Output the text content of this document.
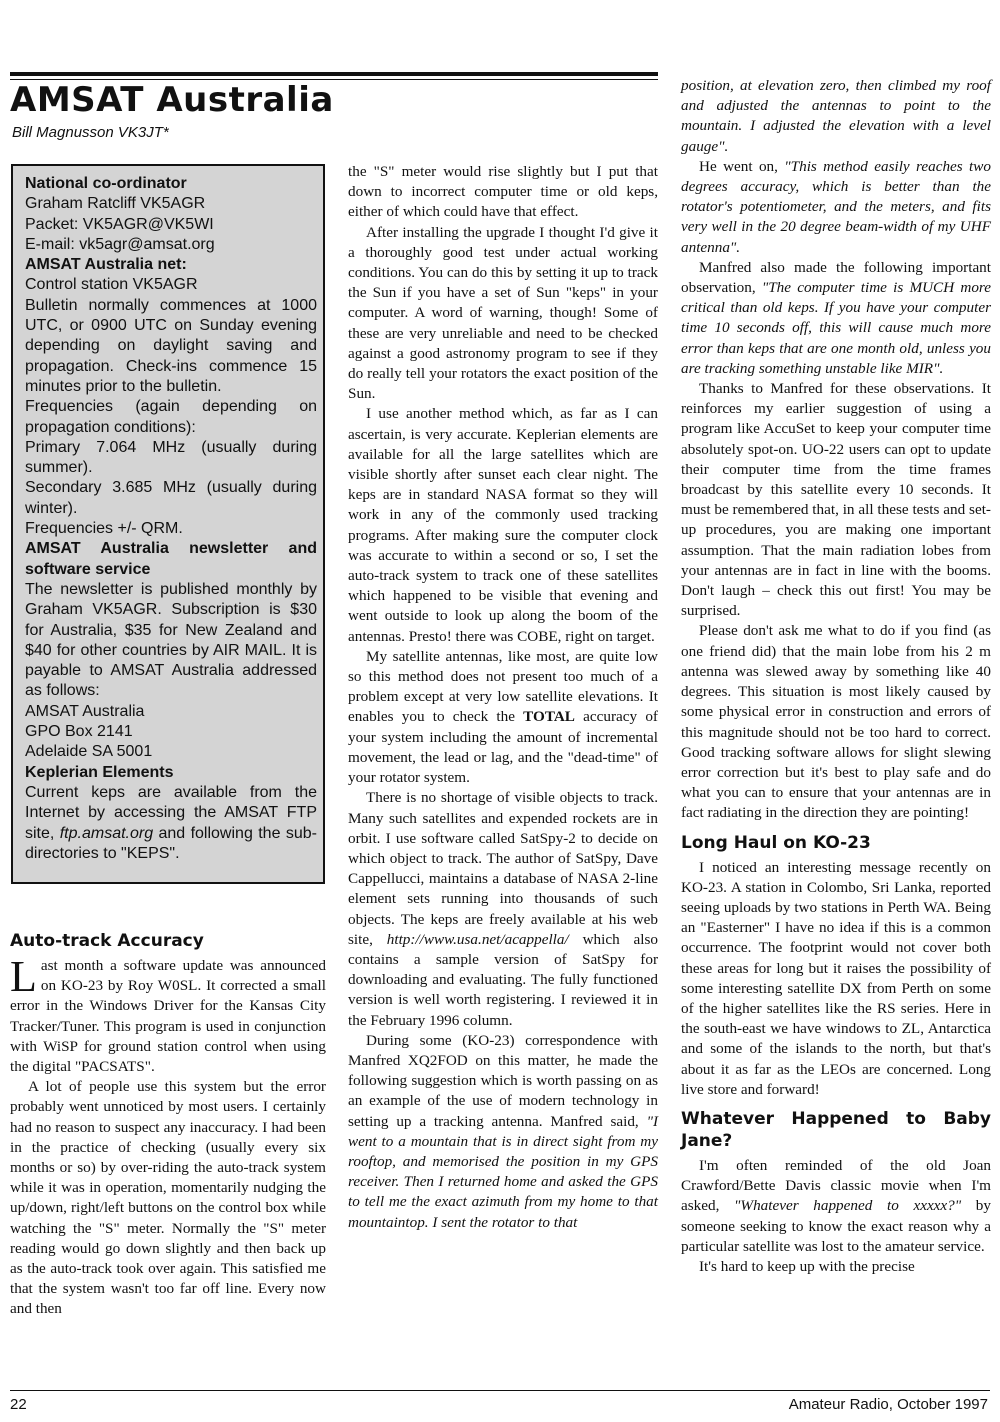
AMSAT Australia
Bill Magnusson VK3JT*

National co-ordinator

Graham Ratcliff VK5AGR

Packet: VK5AGR@VK5WI

E-mail: vk5agr@amsat.org

AMSAT Australia net:

Control station VK5AGR

Bulletin normally commences at 1000 UTC, or 0900 UTC on Sunday evening depending on daylight saving and propagation. Check-ins commence 15 minutes prior to the bulletin.

Frequencies (again depending on propagation conditions):

Primary 7.064 MHz (usually during summer).

Secondary 3.685 MHz (usually during winter).

Frequencies +/- QRM.

AMSAT Australia newsletter and software service

The newsletter is published monthly by Graham VK5AGR. Subscription is $30 for Australia, $35 for New Zealand and $40 for other countries by AIR MAIL. It is payable to AMSAT Australia addressed as follows:

AMSAT Australia

GPO Box 2141

Adelaide SA 5001

Keplerian Elements

Current keps are available from the Internet by accessing the AMSAT FTP site, ftp.amsat.org and following the sub-directories to "KEPS".

Auto-track Accuracy

Last month a software update was announced on KO-23 by Roy W0SL. It corrected a small error in the Windows Driver for the Kansas City Tracker/Tuner. This program is used in conjunction with WiSP for ground station control when using the digital "PACSATS".

A lot of people use this system but the error probably went unnoticed by most users. I certainly had no reason to suspect any inaccuracy. I had been in the practice of checking (usually every six months or so) by over-riding the auto-track system while it was in operation, momentarily nudging the up/down, right/left buttons on the control box while watching the "S" meter. Normally the "S" meter reading would go down slightly and then back up as the auto-track took over again. This satisfied me that the system wasn't too far off line. Every now and then

the "S" meter would rise slightly but I put that down to incorrect computer time or old keps, either of which could have that effect.

After installing the upgrade I thought I'd give it a thoroughly good test under actual working conditions. You can do this by setting it up to track the Sun if you have a set of Sun "keps" in your computer. A word of warning, though! Some of these are very unreliable and need to be checked against a good astronomy program to see if they do really tell your rotators the exact position of the Sun.

I use another method which, as far as I can ascertain, is very accurate. Keplerian elements are available for all the large satellites which are visible shortly after sunset each clear night. The keps are in standard NASA format so they will work in any of the commonly used tracking programs. After making sure the computer clock was accurate to within a second or so, I set the auto-track system to track one of these satellites which happened to be visible that evening and went outside to look up along the boom of the antennas. Presto! there was COBE, right on target.

My satellite antennas, like most, are quite low so this method does not present too much of a problem except at very low satellite elevations. It enables you to check the TOTAL accuracy of your system including the amount of incremental movement, the lead or lag, and the "dead-time" of your rotator system.

There is no shortage of visible objects to track. Many such satellites and expended rockets are in orbit. I use software called SatSpy-2 to decide on which object to track. The author of SatSpy, Dave Cappellucci, maintains a database of NASA 2-line element sets running into thousands of such objects. The keps are freely available at his web site, http://www.usa.net/acappella/ which also contains a sample version of SatSpy for downloading and evaluating. The fully functioned version is well worth registering. I reviewed it in the February 1996 column.

During some (KO-23) correspondence with Manfred XQ2FOD on this matter, he made the following suggestion which is worth passing on as an example of the use of modern technology in setting up a tracking antenna. Manfred said, "I went to a mountain that is in direct sight from my rooftop, and memorised the position in my GPS receiver. Then I returned home and asked the GPS to tell me the exact azimuth from my home to that mountaintop. I sent the rotator to that

position, at elevation zero, then climbed my roof and adjusted the antennas to point to the mountain. I adjusted the elevation with a level gauge".

He went on, "This method easily reaches two degrees accuracy, which is better than the rotator's potentiometer, and the meters, and fits very well in the 20 degree beam-width of my UHF antenna".

Manfred also made the following important observation, "The computer time is MUCH more critical than old keps. If you have your computer time 10 seconds off, this will cause much more error than keps that are one month old, unless you are tracking something unstable like MIR".

Thanks to Manfred for these observations. It reinforces my earlier suggestion of using a program like AccuSet to keep your computer time absolutely spot-on. UO-22 users can opt to update their computer time from the time frames broadcast by this satellite every 10 seconds. It must be remembered that, in all these tests and set-up procedures, you are making one important assumption. That the main radiation lobes from your antennas are in fact in line with the booms. Don't laugh – check this out first! You may be surprised.

Please don't ask me what to do if you find (as one friend did) that the main lobe from his 2 m antenna was slewed away by something like 40 degrees. This situation is most likely caused by some physical error in construction and errors of this magnitude should not be too hard to correct. Good tracking software allows for slight slewing error correction but it's best to play safe and do what you can to ensure that your antennas are in fact radiating in the direction they are pointing!

Long Haul on KO-23

I noticed an interesting message recently on KO-23. A station in Colombo, Sri Lanka, reported seeing uploads by two stations in Perth WA. Being an "Easterner" I have no idea if this is a common occurrence. The footprint would not cover both these areas for long but it raises the possibility of some interesting satellite DX from Perth on some of the higher satellites like the RS series. Here in the south-east we have windows to ZL, Antarctica and some of the islands to the north, but that's about it as far as the LEOs are concerned. Long live store and forward!

Whatever Happened to Baby Jane?

I'm often reminded of the old Joan Crawford/Bette Davis classic movie when I'm asked, "Whatever happened to xxxxx?" by someone seeking to know the exact reason why a particular satellite was lost to the amateur service.

It's hard to keep up with the precise

22	Amateur Radio, October 1997
